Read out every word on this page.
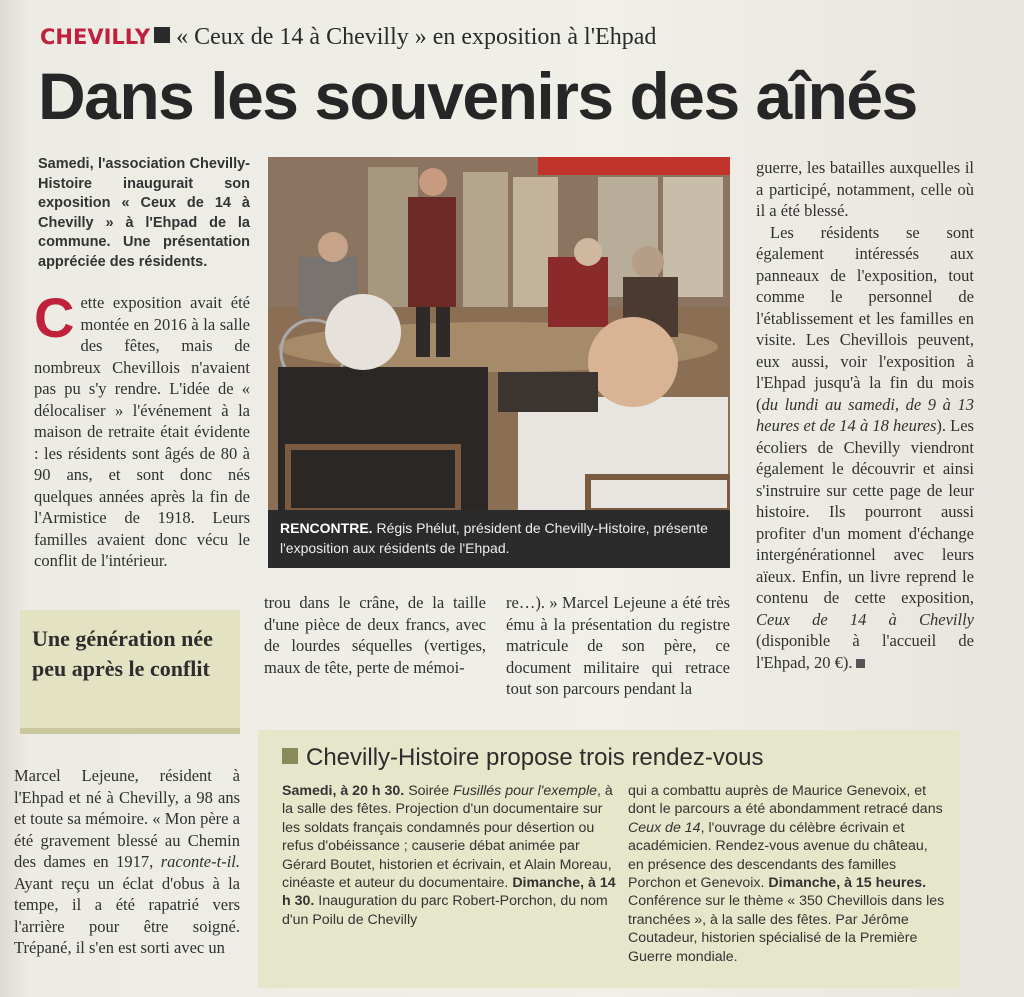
CHEVILLY « Ceux de 14 à Chevilly » en exposition à l'Ehpad
Dans les souvenirs des aînés

Samedi, l'association Chevilly-Histoire inaugurait son exposition « Ceux de 14 à Chevilly » à l'Ehpad de la commune. Une présentation appréciée des résidents.
Cette exposition avait été montée en 2016 à la salle des fêtes, mais de nombreux Chevillois n'avaient pas pu s'y rendre. L'idée de « délocaliser » l'événement à la maison de retraite était évidente : les résidents sont âgés de 80 à 90 ans, et sont donc nés quelques années après la fin de l'Armistice de 1918. Leurs familles avaient donc vécu le conflit de l'intérieur.
Une génération née peu après le conflit
Marcel Lejeune, résident à l'Ehpad et né à Chevilly, a 98 ans et toute sa mémoire. « Mon père a été gravement blessé au Chemin des dames en 1917, raconte-t-il. Ayant reçu un éclat d'obus à la tempe, il a été rapatrié vers l'arrière pour être soigné. Trépané, il s'en est sorti avec un
RENCONTRE. Régis Phélut, président de Chevilly-Histoire, présente l'exposition aux résidents de l'Ehpad.
trou dans le crâne, de la taille d'une pièce de deux francs, avec de lourdes séquelles (vertiges, maux de tête, perte de mémoi-
re…). » Marcel Lejeune a été très ému à la présentation du registre matricule de son père, ce document militaire qui retrace tout son parcours pendant la
guerre, les batailles auxquelles il a participé, notamment, celle où il a été blessé.
Les résidents se sont également intéressés aux panneaux de l'exposition, tout comme le personnel de l'établissement et les familles en visite. Les Chevillois peuvent, eux aussi, voir l'exposition à l'Ehpad jusqu'à la fin du mois (du lundi au samedi, de 9 à 13 heures et de 14 à 18 heures). Les écoliers de Chevilly viendront également le découvrir et ainsi s'instruire sur cette page de leur histoire. Ils pourront aussi profiter d'un moment d'échange intergénérationnel avec leurs aïeux. Enfin, un livre reprend le contenu de cette exposition, Ceux de 14 à Chevilly (disponible à l'accueil de l'Ehpad, 20 €).
Chevilly-Histoire propose trois rendez-vous
Samedi, à 20 h 30. Soirée Fusillés pour l'exemple, à la salle des fêtes. Projection d'un documentaire sur les soldats français condamnés pour désertion ou refus d'obéissance ; causerie débat animée par Gérard Boutet, historien et écrivain, et Alain Moreau, cinéaste et auteur du documentaire. Dimanche, à 14 h 30. Inauguration du parc Robert-Porchon, du nom d'un Poilu de Chevilly
qui a combattu auprès de Maurice Genevoix, et dont le parcours a été abondamment retracé dans Ceux de 14, l'ouvrage du célèbre écrivain et académicien. Rendez-vous avenue du château, en présence des descendants des familles Porchon et Genevoix. Dimanche, à 15 heures. Conférence sur le thème « 350 Chevillois dans les tranchées », à la salle des fêtes. Par Jérôme Coutadeur, historien spécialisé de la Première Guerre mondiale.
